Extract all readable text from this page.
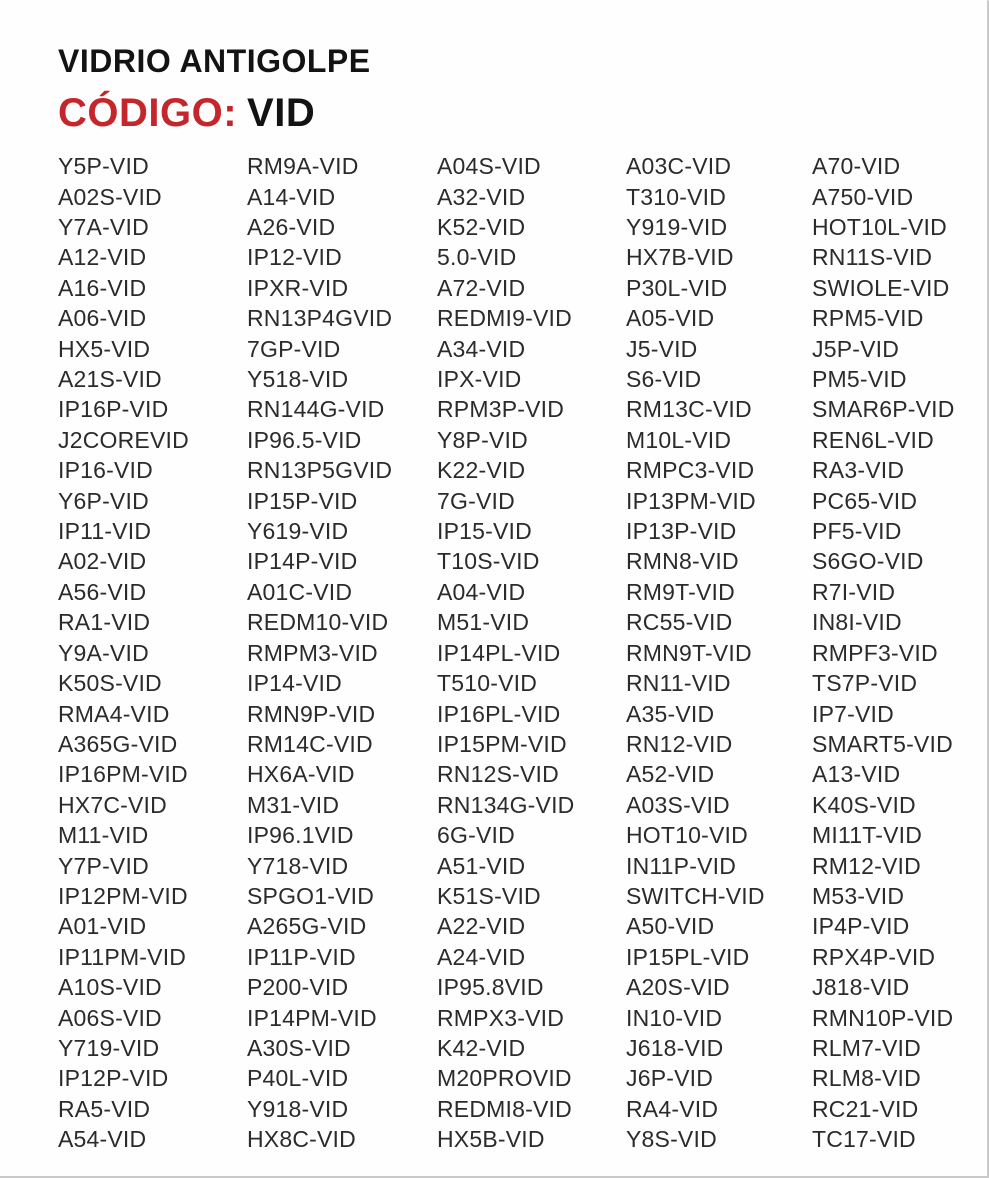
VIDRIO ANTIGOLPE
CÓDIGO: VID
Y5P-VID
A02S-VID
Y7A-VID
A12-VID
A16-VID
A06-VID
HX5-VID
A21S-VID
IP16P-VID
J2COREVID
IP16-VID
Y6P-VID
IP11-VID
A02-VID
A56-VID
RA1-VID
Y9A-VID
K50S-VID
RMA4-VID
A365G-VID
IP16PM-VID
HX7C-VID
M11-VID
Y7P-VID
IP12PM-VID
A01-VID
IP11PM-VID
A10S-VID
A06S-VID
Y719-VID
IP12P-VID
RA5-VID
A54-VID
RM9A-VID
A14-VID
A26-VID
IP12-VID
IPXR-VID
RN13P4GVID
7GP-VID
Y518-VID
RN144G-VID
IP96.5-VID
RN13P5GVID
IP15P-VID
Y619-VID
IP14P-VID
A01C-VID
REDM10-VID
RMPM3-VID
IP14-VID
RMN9P-VID
RM14C-VID
HX6A-VID
M31-VID
IP96.1VID
Y718-VID
SPGO1-VID
A265G-VID
IP11P-VID
P200-VID
IP14PM-VID
A30S-VID
P40L-VID
Y918-VID
HX8C-VID
A04S-VID
A32-VID
K52-VID
5.0-VID
A72-VID
REDMI9-VID
A34-VID
IPX-VID
RPM3P-VID
Y8P-VID
K22-VID
7G-VID
IP15-VID
T10S-VID
A04-VID
M51-VID
IP14PL-VID
T510-VID
IP16PL-VID
IP15PM-VID
RN12S-VID
RN134G-VID
6G-VID
A51-VID
K51S-VID
A22-VID
A24-VID
IP95.8VID
RMPX3-VID
K42-VID
M20PROVID
REDMI8-VID
HX5B-VID
A03C-VID
T310-VID
Y919-VID
HX7B-VID
P30L-VID
A05-VID
J5-VID
S6-VID
RM13C-VID
M10L-VID
RMPC3-VID
IP13PM-VID
IP13P-VID
RMN8-VID
RM9T-VID
RC55-VID
RMN9T-VID
RN11-VID
A35-VID
RN12-VID
A52-VID
A03S-VID
HOT10-VID
IN11P-VID
SWITCH-VID
A50-VID
IP15PL-VID
A20S-VID
IN10-VID
J618-VID
J6P-VID
RA4-VID
Y8S-VID
A70-VID
A750-VID
HOT10L-VID
RN11S-VID
SWIOLE-VID
RPM5-VID
J5P-VID
PM5-VID
SMAR6P-VID
REN6L-VID
RA3-VID
PC65-VID
PF5-VID
S6GO-VID
R7I-VID
IN8I-VID
RMPF3-VID
TS7P-VID
IP7-VID
SMART5-VID
A13-VID
K40S-VID
MI11T-VID
RM12-VID
M53-VID
IP4P-VID
RPX4P-VID
J818-VID
RMN10P-VID
RLM7-VID
RLM8-VID
RC21-VID
TC17-VID
